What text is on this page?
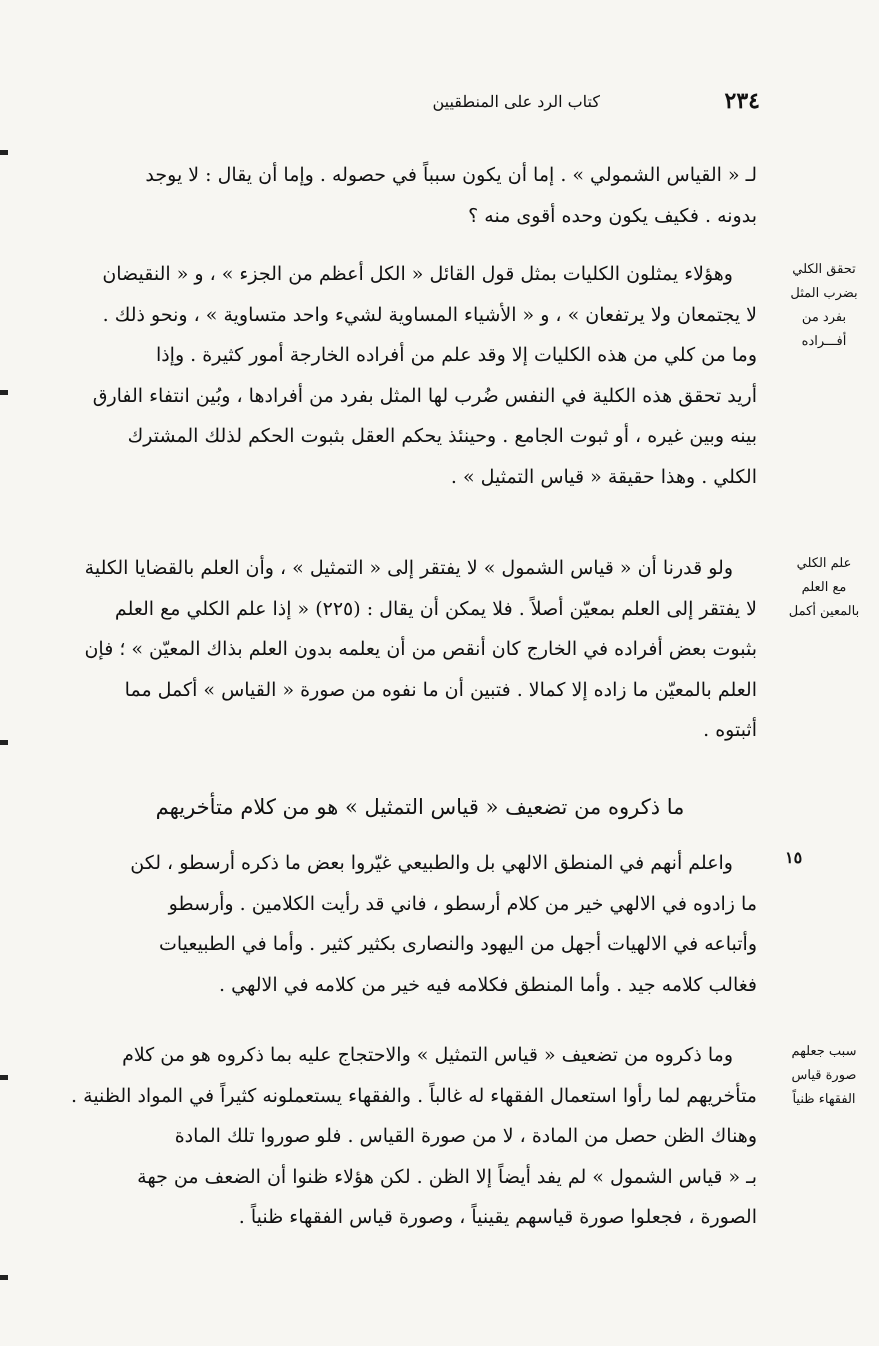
٢٣٤
كتاب الرد على المنطقيين
لـ « القياس الشمولي » . إما أن يكون سبباً في حصوله . وإما أن يقال : لا يوجد
بدونه . فكيف يكون وحده أقوى منه ؟
وهؤلاء يمثلون الكليات بمثل قول القائل « الكل أعظم من الجزء » ، و « النقيضان
لا يجتمعان ولا يرتفعان » ، و « الأشياء المساوية لشيء واحد متساوية » ، ونحو ذلك .
وما من كلي من هذه الكليات إلا وقد علم من أفراده الخارجة أمور كثيرة . وإذا
أريد تحقق هذه الكلية في النفس ضُرب لها المثل بفرد من أفرادها ، وبُين انتفاء الفارق
بينه وبين غيره ، أو ثبوت الجامع . وحينئذ يحكم العقل بثبوت الحكم لذلك المشترك
الكلي . وهذا حقيقة « قياس التمثيل » .
ولو قدرنا أن « قياس الشمول » لا يفتقر إلى « التمثيل » ، وأن العلم بالقضايا الكلية
لا يفتقر إلى العلم بمعيّن أصلاً . فلا يمكن أن يقال : (٢٢٥) « إذا علم الكلي مع العلم
بثبوت بعض أفراده في الخارج كان أنقص من أن يعلمه بدون العلم بذاك المعيّن » ؛ فإن
العلم بالمعيّن ما زاده إلا كمالا . فتبين أن ما نفوه من صورة « القياس » أكمل مما
أثبتوه .
ما ذكروه من تضعيف « قياس التمثيل » هو من كلام متأخريهم
واعلم أنهم في المنطق الالهي بل والطبيعي غيّروا بعض ما ذكره أرسطو ، لكن
ما زادوه في الالهي خير من كلام أرسطو ، فاني قد رأيت الكلامين . وأرسطو
وأتباعه في الالهيات أجهل من اليهود والنصارى بكثير كثير . وأما في الطبيعيات
فغالب كلامه جيد . وأما المنطق فكلامه فيه خير من كلامه في الالهي .
وما ذكروه من تضعيف « قياس التمثيل » والاحتجاج عليه بما ذكروه هو من كلام
متأخريهم لما رأوا استعمال الفقهاء له غالباً . والفقهاء يستعملونه كثيراً في المواد الظنية .
وهناك الظن حصل من المادة ، لا من صورة القياس . فلو صوروا تلك المادة
بـ « قياس الشمول » لم يفد أيضاً إلا الظن . لكن هؤلاء ظنوا أن الضعف من جهة
الصورة ، فجعلوا صورة قياسهم يقينياً ، وصورة قياس الفقهاء ظنياً .
تحقق الكلي
بضرب المثل
بفرد من
أفـــراده
علم الكلي
مع العلم
بالمعين أكمل
سبب جعلهم
صورة قياس
الفقهاء ظنياً
١٥
